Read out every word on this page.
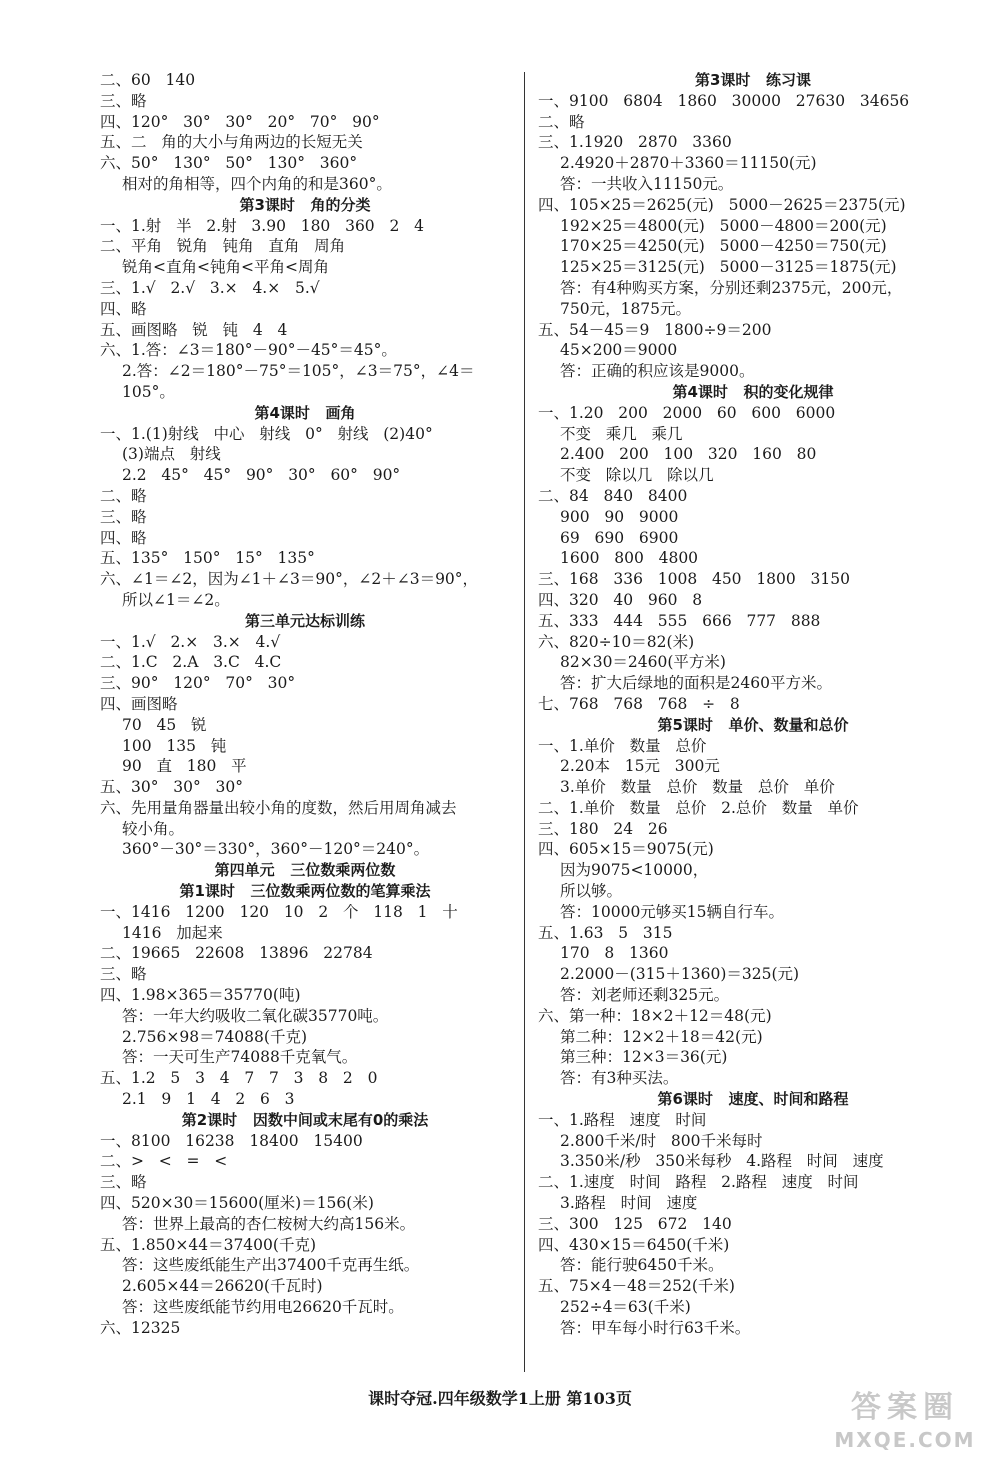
二、60   140
三、略
四、120°   30°   30°   20°   70°   90°
五、二   角的大小与角两边的长短无关
六、50°   130°   50°   130°   360°
相对的角相等，四个内角的和是360°。
第3课时   角的分类
一、1.射   半   2.射   3.90   180   360   2   4
二、平角   锐角   钝角   直角   周角
锐角<直角<钝角<平角<周角
三、1.√   2.√   3.×   4.×   5.√
四、略
五、画图略   锐   钝   4   4
六、1.答：∠3＝180°－90°－45°＝45°。
2.答：∠2＝180°－75°＝105°，∠3＝75°，∠4＝
105°。
第4课时   画角
一、1.(1)射线   中心   射线   0°   射线   (2)40°
(3)端点   射线
2.2   45°   45°   90°   30°   60°   90°
二、略
三、略
四、略
五、135°   150°   15°   135°
六、∠1＝∠2，因为∠1＋∠3＝90°，∠2＋∠3＝90°，
所以∠1＝∠2。
第三单元达标训练
一、1.√   2.×   3.×   4.√
二、1.C   2.A   3.C   4.C
三、90°   120°   70°   30°
四、画图略
70   45   锐
100   135   钝
90   直   180   平
五、30°   30°   30°
六、先用量角器量出较小角的度数，然后用周角减去
较小角。
360°－30°＝330°，360°－120°＝240°。
第四单元   三位数乘两位数
第1课时   三位数乘两位数的笔算乘法
一、1416   1200   120   10   2   个   118   1   十
1416   加起来
二、19665   22608   13896   22784
三、略
四、1.98×365＝35770(吨)
答：一年大约吸收二氧化碳35770吨。
2.756×98＝74088(千克)
答：一天可生产74088千克氧气。
五、1.2   5   3   4   7   7   3   8   2   0
2.1   9   1   4   2   6   3
第2课时   因数中间或末尾有0的乘法
一、8100   16238   18400   15400
二、>   <   =   <
三、略
四、520×30＝15600(厘米)＝156(米)
答：世界上最高的杏仁桉树大约高156米。
五、1.850×44＝37400(千克)
答：这些废纸能生产出37400千克再生纸。
2.605×44＝26620(千瓦时)
答：这些废纸能节约用电26620千瓦时。
六、12325
第3课时   练习课
一、9100   6804   1860   30000   27630   34656
二、略
三、1.1920   2870   3360
2.4920＋2870＋3360＝11150(元)
答：一共收入11150元。
四、105×25＝2625(元)   5000－2625＝2375(元)
192×25＝4800(元)   5000－4800＝200(元)
170×25＝4250(元)   5000－4250＝750(元)
125×25＝3125(元)   5000－3125＝1875(元)
答：有4种购买方案，分别还剩2375元，200元，
750元，1875元。
五、54－45＝9   1800÷9＝200
45×200＝9000
答：正确的积应该是9000。
第4课时   积的变化规律
一、1.20   200   2000   60   600   6000
不变   乘几   乘几
2.400   200   100   320   160   80
不变   除以几   除以几
二、84   840   8400
900   90   9000
69   690   6900
1600   800   4800
三、168   336   1008   450   1800   3150
四、320   40   960   8
五、333   444   555   666   777   888
六、820÷10＝82(米)
82×30＝2460(平方米)
答：扩大后绿地的面积是2460平方米。
七、768   768   768   ÷   8
第5课时   单价、数量和总价
一、1.单价   数量   总价
2.20本   15元   300元
3.单价   数量   总价   数量   总价   单价
二、1.单价   数量   总价   2.总价   数量   单价
三、180   24   26
四、605×15＝9075(元)
因为9075<10000，
所以够。
答：10000元够买15辆自行车。
五、1.63   5   315
170   8   1360
2.2000－(315＋1360)＝325(元)
答：刘老师还剩325元。
六、第一种：18×2＋12＝48(元)
第二种：12×2＋18＝42(元)
第三种：12×3＝36(元)
答：有3种买法。
第6课时   速度、时间和路程
一、1.路程   速度   时间
2.800千米/时   800千米每时
3.350米/秒   350米每秒   4.路程   时间   速度
二、1.速度   时间   路程   2.路程   速度   时间
3.路程   时间   速度
三、300   125   672   140
四、430×15＝6450(千米)
答：能行驶6450千米。
五、75×4－48＝252(千米)
252÷4＝63(千米)
答：甲车每小时行63千米。
课时夺冠.四年级数学1上册 第103页	答案圈
MXQE.COM
